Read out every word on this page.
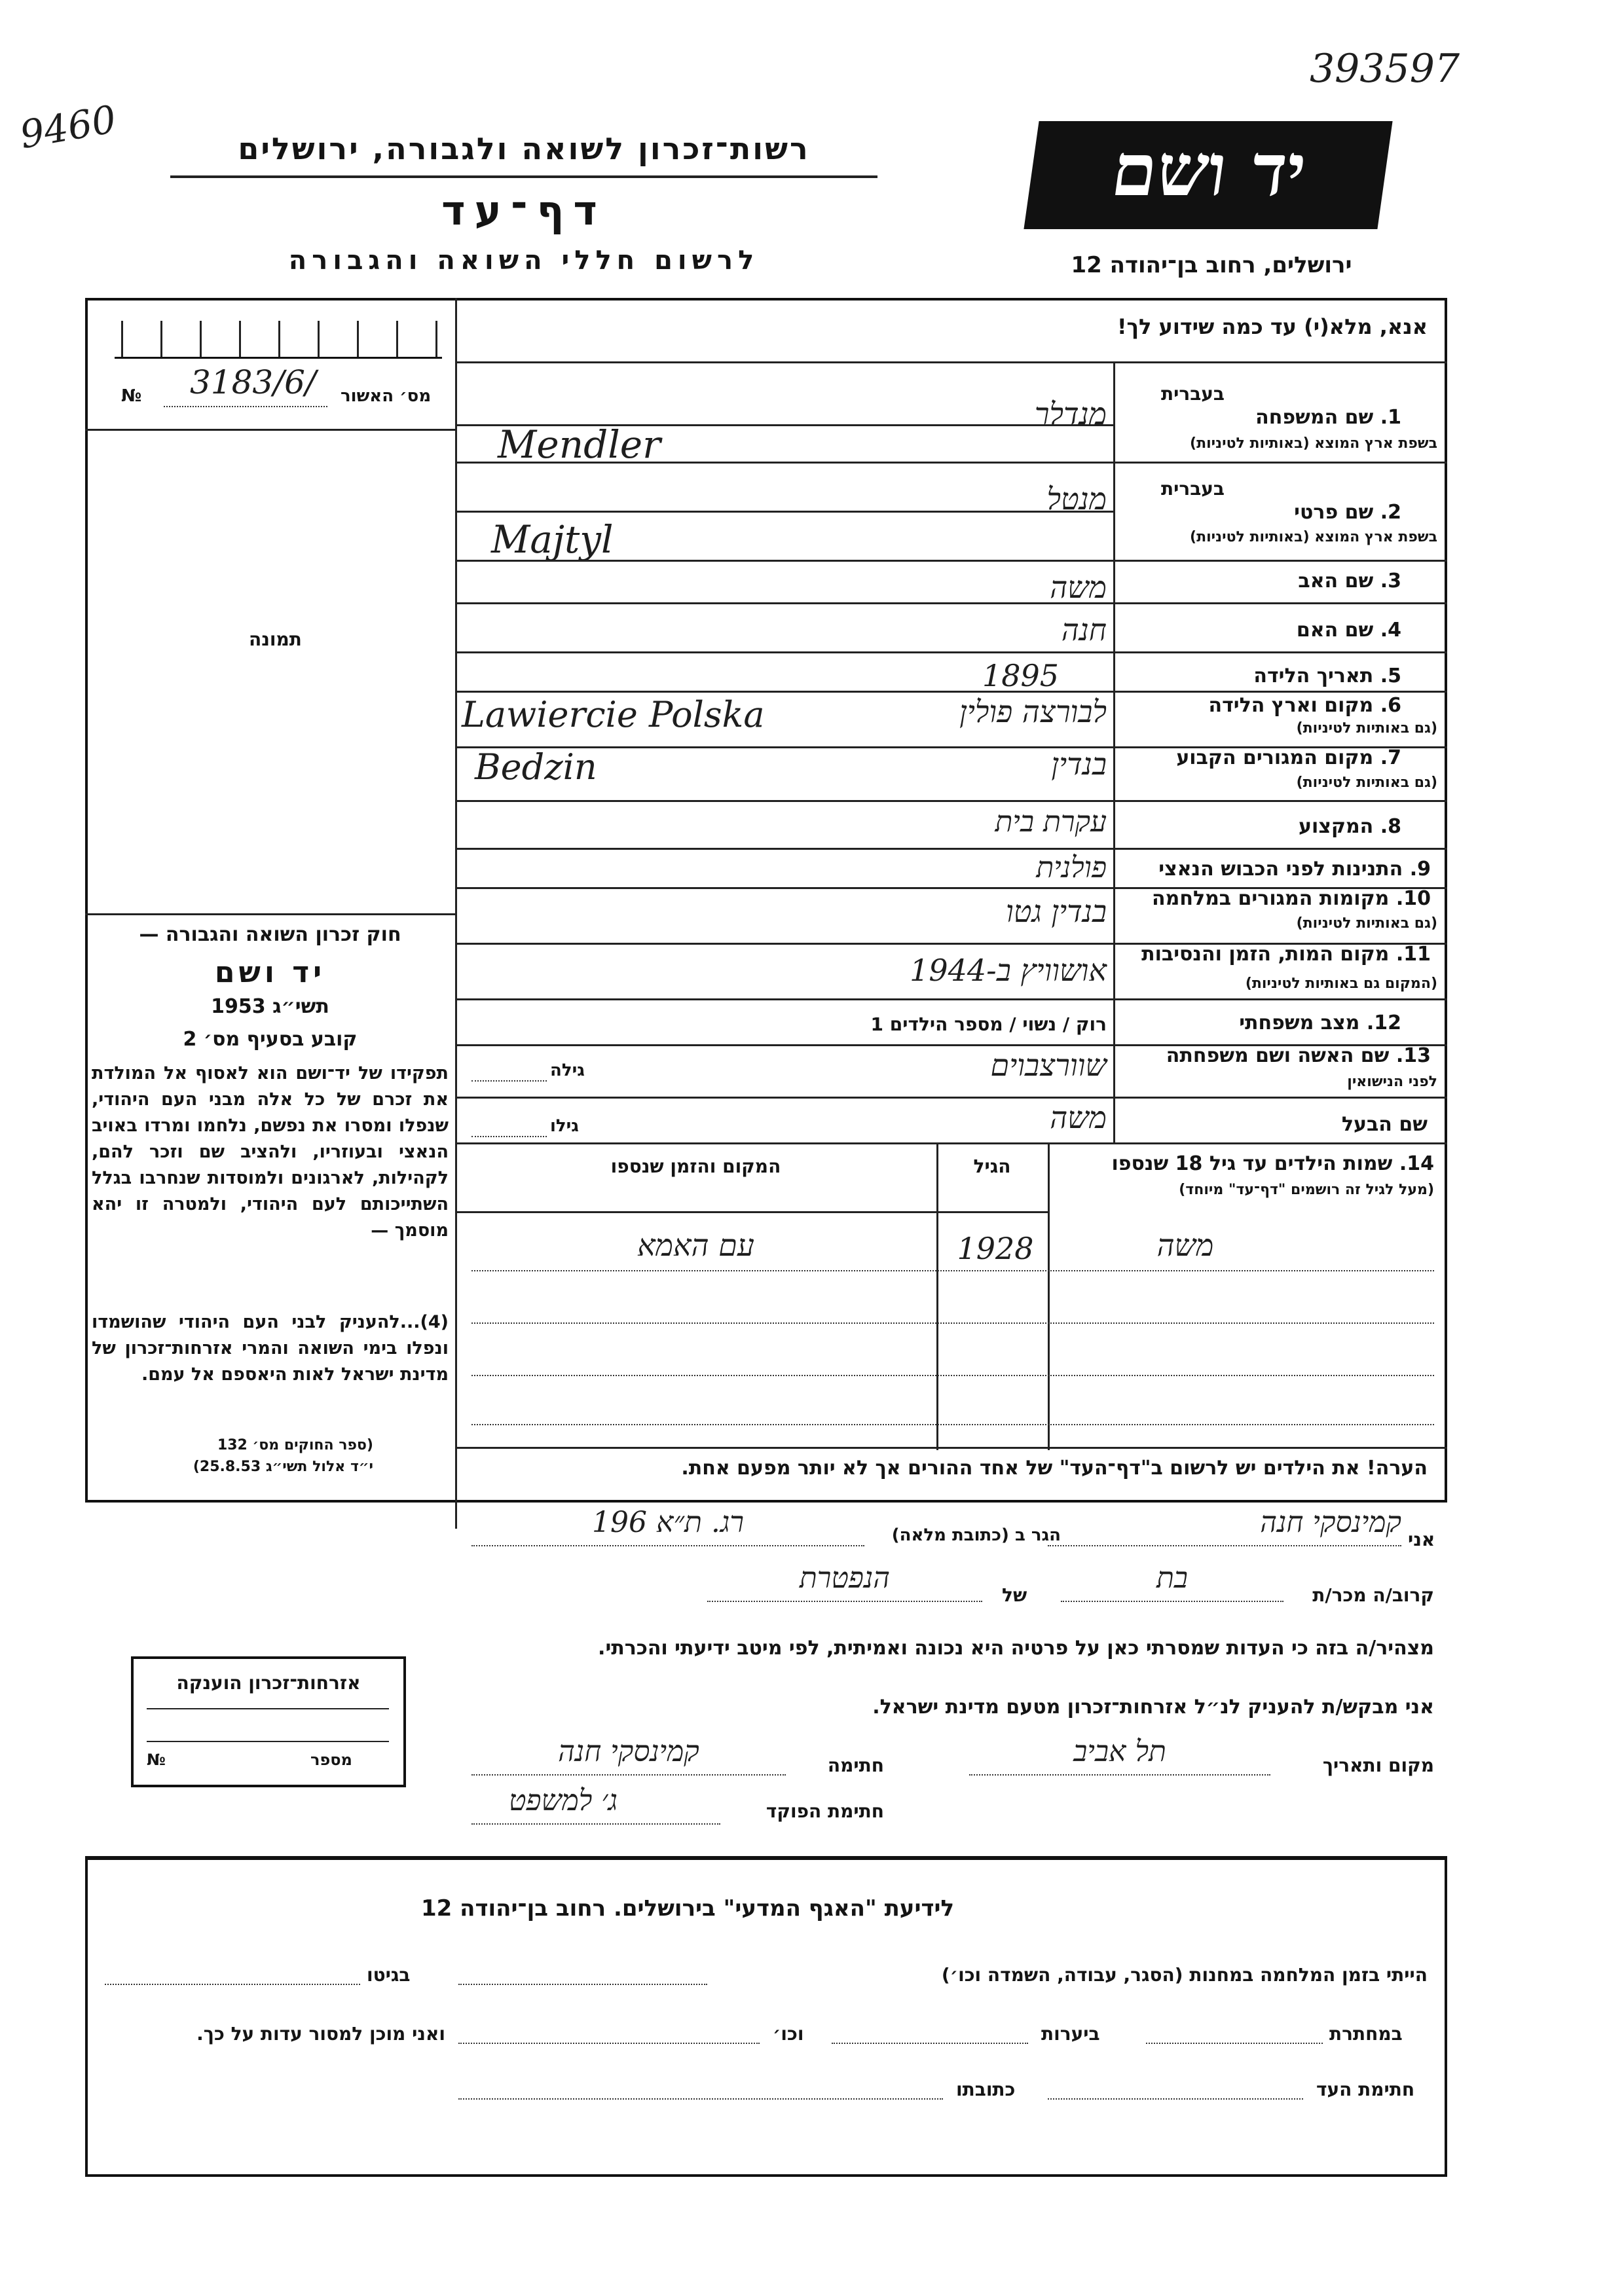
393597
9460	רשות־זכרון לשואה ולגבורה, ירושלים
דף־עד
לרשום חללי השואה והגבורה
יד ושם
ירושלים, רחוב בן־יהודה 12
אנא, מלא(י) עד כמה שידוע לך!
מס׳ האשור
№ 3183/6/
תמונה
בעברית
1. שם המשפחה
בשפת ארץ המוצא (באותיות לטיניות)
מנדלר
Mendler
בעברית
2. שם פרטי
בשפת ארץ המוצא (באותיות לטיניות)
מנטל
Majtyl
3. שם האב
משה
4. שם האם
חנה
5. תאריך הלידה
1895
6. מקום וארץ הלידה
(גם באותיות לטיניות)
לבורצה פולין
Lawiercie Polska
7. מקום המגורים הקבוע
(גם באותיות לטיניות)
בנדין
Bedzin
8. המקצוע
עקרת בית
9. התנינות לפני הכבוש הנאצי
פולנית
10. מקומות המגורים במלחמה
(גם באותיות לטיניות)
בנדין גטו
11. מקום המות, הזמן והנסיבות
(המקום גם באותיות לטיניות)
אושוויץ ב-1944
12. מצב משפחתי
רוק / נשוי / מספר הילדים 1
13. שם האשה ושם משפחתה
לפני הנישואין
שוורצבוים
גילה
שם הבעל
משה
גילו
14. שמות הילדים עד גיל 18 שנספו
(מעל לגיל זה רושמים "דף־עד" מיוחד)
הגיל
המקום והזמן שנספו
משה
1928
עם האמא
הערה! את הילדים יש לרשום ב"דף־העד" של אחד ההורים אך לא יותר מפעם אחת.
חוק זכרון השואה והגבורה —
יד ושם
תשי״ג 1953
קובע בסעיף מס׳ 2
תפקידו של יד־ושם הוא לאסוף אל המולדת את זכרם של כל אלה מבני העם היהודי, שנפלו ומסרו את נפשם, נלחמו ומרדו באויב הנאצי ובעוזריו, ולהציב שם וזכר להם, לקהילות, לארגונים ולמוסדות שנחרבו בגלל השתייכותם לעם היהודי, ולמטרה זו יהא מוסמך —
(4)...להעניק לבני העם היהודי שהושמדו ונפלו בימי השואה והמרי אזרחות־זכרון של מדינת ישראל לאות היאספם אל עמם.
(ספר החוקים מס׳ 132
י״ד אלול תשי״ג 25.8.53)
אני
קמינסקי חנה
הגר ב (כתובת מלאה)
רג. ת״א 196
קרוב/ה מכר/ת
בת
של
הנפטרת
מצהיר/ה בזה כי העדות שמסרתי כאן על פרטיה היא נכונה ואמיתית, לפי מיטב ידיעתי והכרתי.
אני מבקש/ת להעניק לנ״ל אזרחות־זכרון מטעם מדינת ישראל.
מקום ותאריך
תל אביב
חתימה
קמינסקי חנה
חתימת הפוקד
ג׳ למשפט
אזרחות־זכרון הוענקה
מספר
№
לידיעת "האגף המדעי" בירושלים. רחוב בן־יהודה 12
הייתי בזמן המלחמה במחנות (הסגר, עבודה, השמדה וכו׳)
בגיטו
במחתרת
ביערות
וכו׳
ואני מוכן למסור עדות על כך.
חתימת העד
כתובתו
